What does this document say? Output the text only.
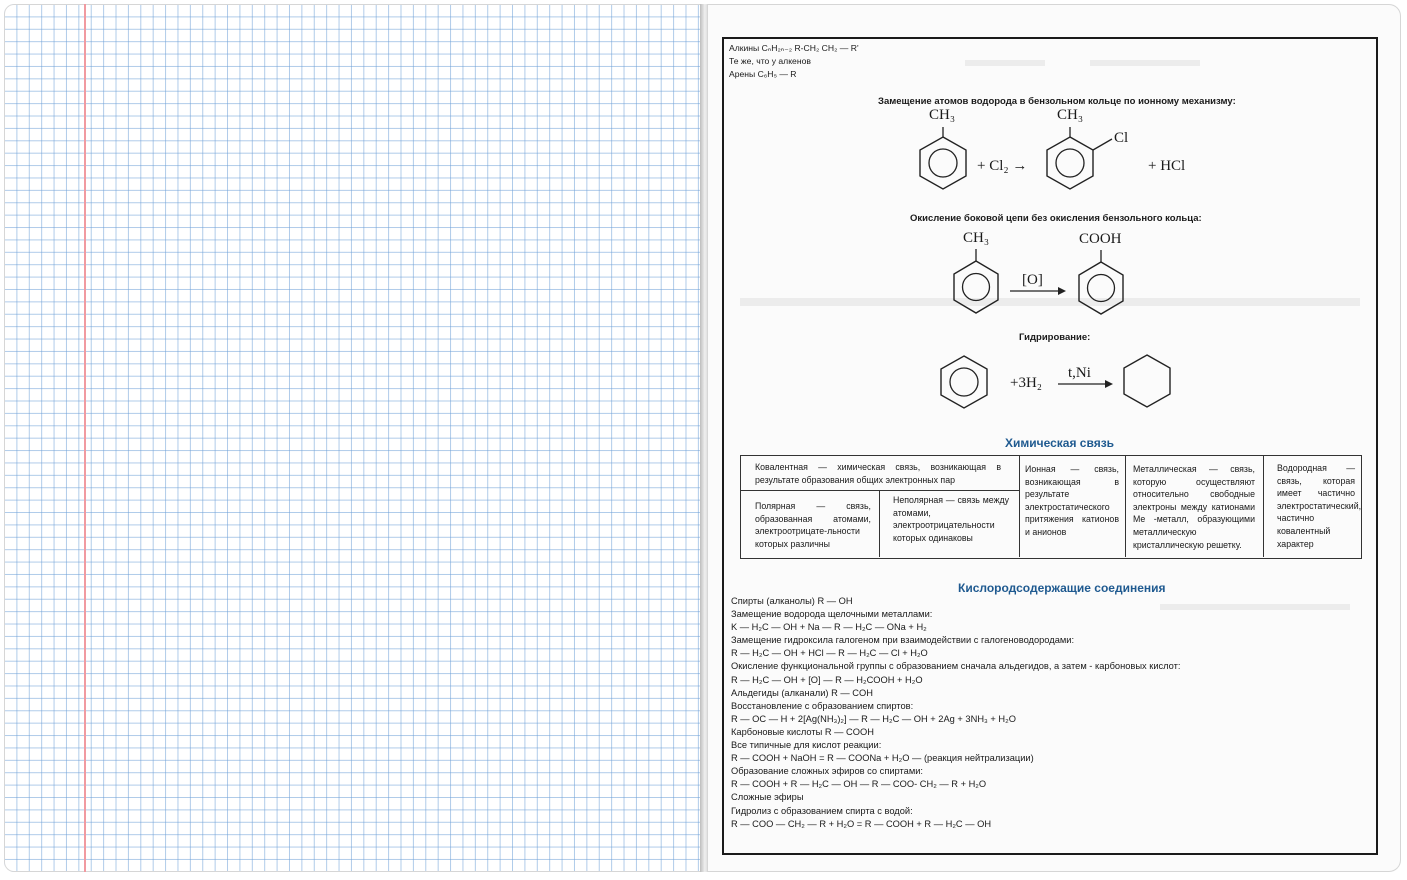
Алкины CₙH₂ₙ₋₂ R-CH₂ CH₂ — R'
Те же, что у алкенов
Арены C₆H₅ — R
Замещение атомов водорода в бензольном кольце по ионному механизму:
CH₃	CH₃
+ Cl₂ →
Cl
+ HCl
Окисление боковой цепи без окисления бензольного кольца:
CH₃	COOH
[O]
Гидрирование:
+3H₂
t,Ni
Химическая связь
Ковалентная — химическая связь, возникающая в результате образования общих электронных пар
Полярная — связь, образованная атомами, электроотрицате-льности которых различны
Неполярная — связь между атомами, электроотрицательности которых одинаковы
Ионная — связь, возникающая в результате электростатического притяжения катионов и анионов
Металлическая — связь, которую осуществляют относительно свободные электроны между катионами Ме -металл, образующими металлическую кристаллическую решетку.
Водородная — связь, которая имеет частично электростатический, частично ковалентный характер
Кислородсодержащие соединения
Спирты (алканолы) R — OH
Замещение водорода щелочными металлами:
K — H₂C — OH + Na — R — H₂C — ONa + H₂
Замещение гидроксила галогеном при взаимодействии с галогеноводородами:
R — H₂C — OH + HCl — R — H₂C — Cl + H₂O
Окисление функциональной группы с образованием сначала альдегидов, а затем - карбоновых кислот:
R — H₂C — OH + [O] — R — H₂COOH + H₂O
Альдегиды (алканали) R — COH
Восстановление с образованием спиртов:
R — OC — H + 2[Ag(NH₃)₂] — R — H₂C — OH + 2Ag + 3NH₃ + H₂O
Карбоновые кислоты R — COOH
Все типичные для кислот реакции:
R — COOH + NaOH = R — COONa + H₂O — (реакция нейтрализации)
Образование сложных эфиров со спиртами:
R — COOH + R — H₂C — OH — R — COO- CH₂ — R + H₂O
Сложные эфиры
Гидролиз с образованием спирта с водой:
R — COO — CH₂ — R + H₂O = R — COOH + R — H₂C — OH
